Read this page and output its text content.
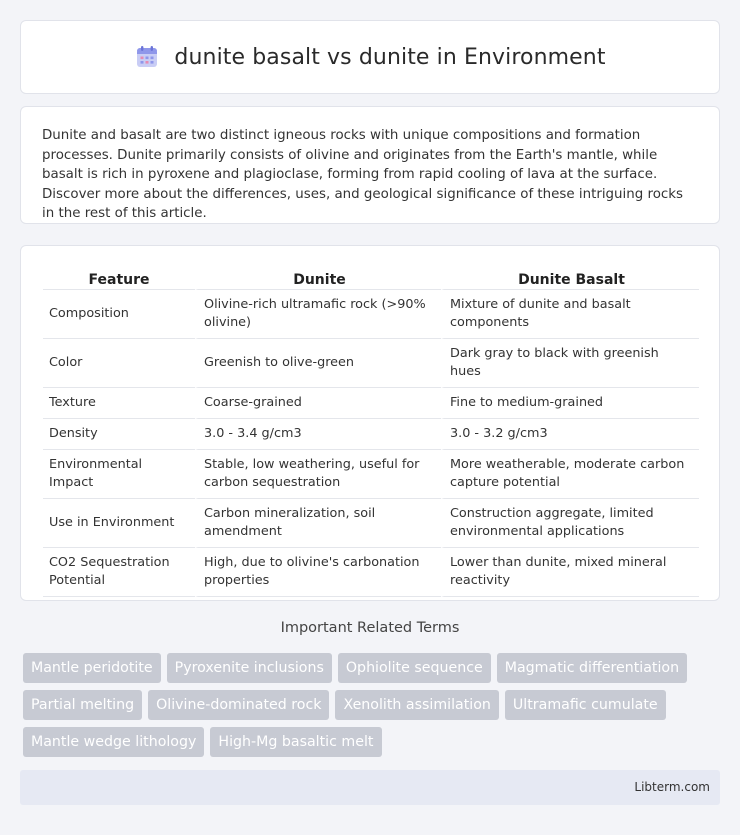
dunite basalt vs dunite in Environment

Dunite and basalt are two distinct igneous rocks with unique compositions and formation processes. Dunite primarily consists of olivine and originates from the Earth's mantle, while basalt is rich in pyroxene and plagioclase, forming from rapid cooling of lava at the surface. Discover more about the differences, uses, and geological significance of these intriguing rocks in the rest of this article.

Feature	Dunite	Dunite Basalt
Composition	Olivine-rich ultramafic rock (>90% olivine)	Mixture of dunite and basalt components
Color	Greenish to olive-green	Dark gray to black with greenish hues
Texture	Coarse-grained	Fine to medium-grained
Density	3.0 - 3.4 g/cm3	3.0 - 3.2 g/cm3
Environmental Impact	Stable, low weathering, useful for carbon sequestration	More weatherable, moderate carbon capture potential
Use in Environment	Carbon mineralization, soil amendment	Construction aggregate, limited environmental applications
CO2 Sequestration Potential	High, due to olivine's carbonation properties	Lower than dunite, mixed mineral reactivity
Important Related Terms
Mantle peridotite	Pyroxenite inclusions	Ophiolite sequence	Magmatic differentiation
Partial melting	Olivine-dominated rock	Xenolith assimilation	Ultramafic cumulate
Mantle wedge lithology	High-Mg basaltic melt
Libterm.com
